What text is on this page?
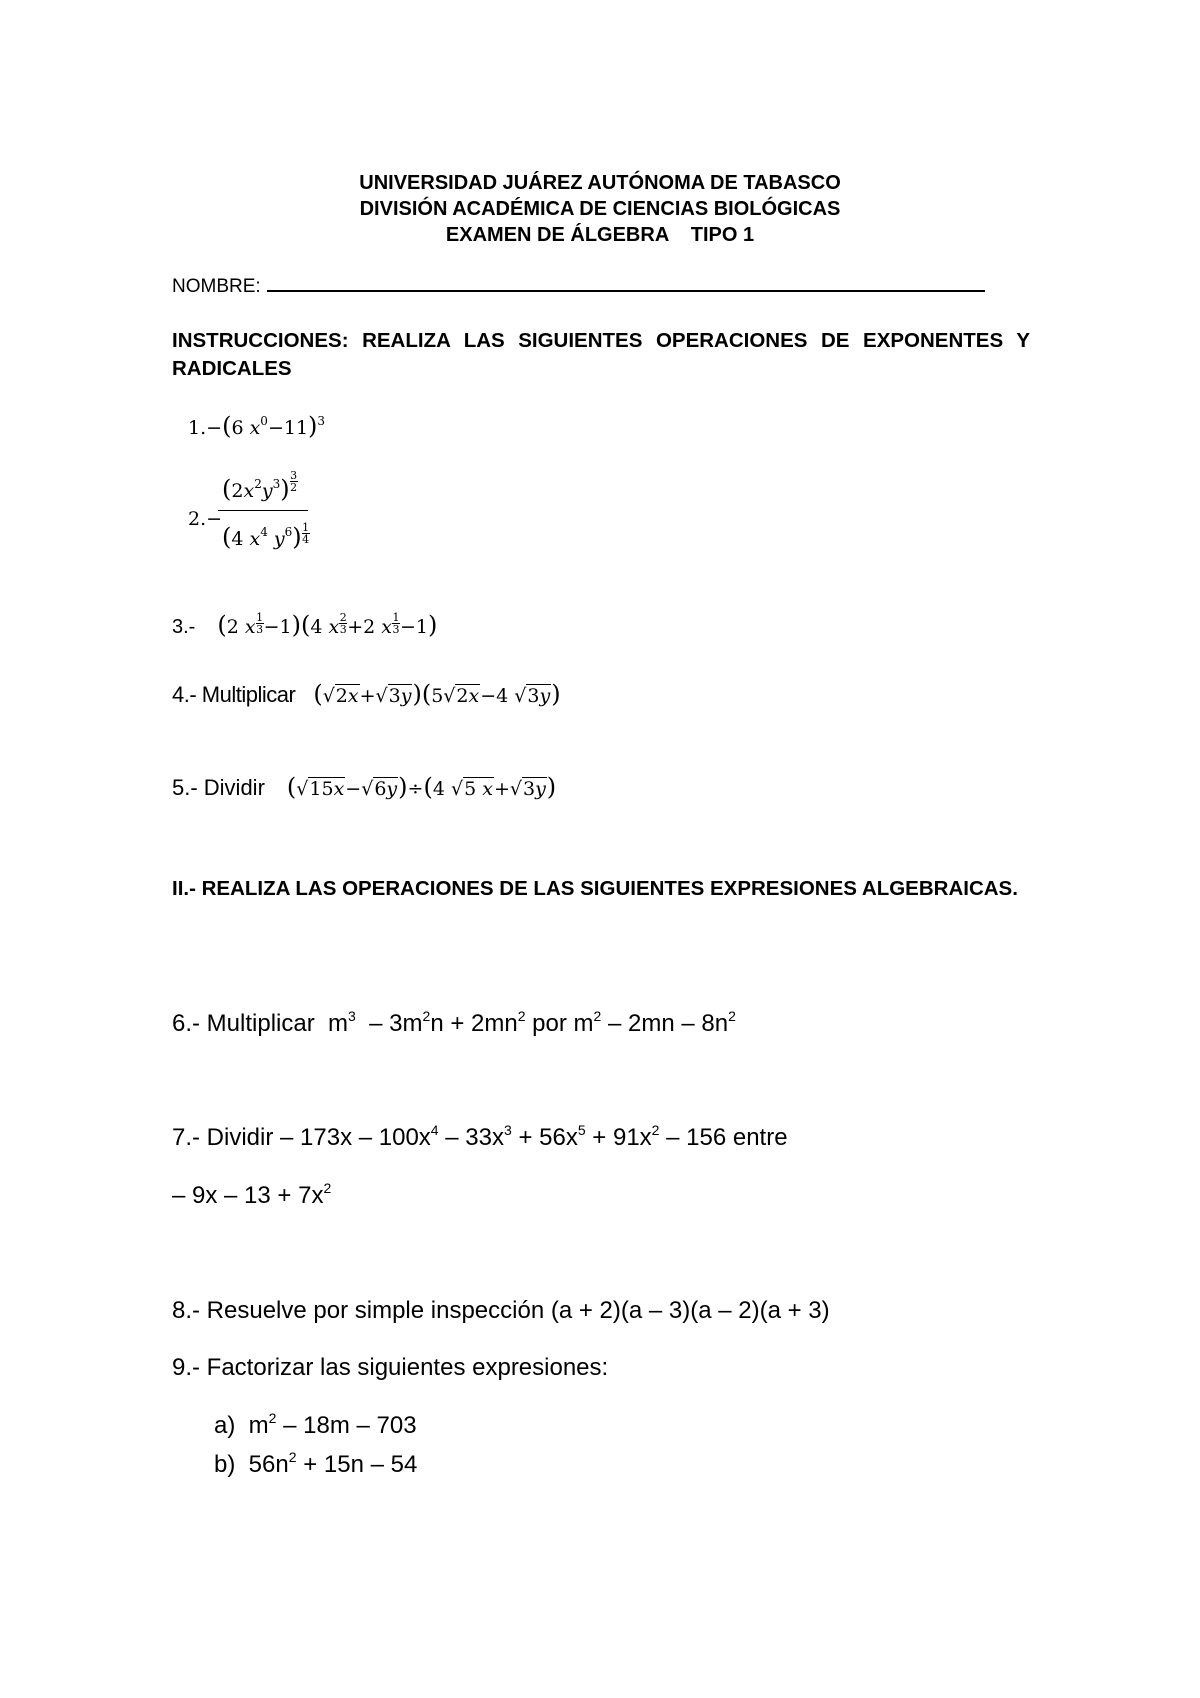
UNIVERSIDAD JUÁREZ AUTÓNOMA DE TABASCO
DIVISIÓN ACADÉMICA DE CIENCIAS BIOLÓGICAS
EXAMEN DE ÁLGEBRA    TIPO 1
NOMBRE:
INSTRUCCIONES: REALIZA LAS SIGUIENTES OPERACIONES DE EXPONENTES Y RADICALES
1.−(6 $x^0-11)^3$
2.−
$(2x^2y^3) \frac{3}{2}$
(4 $x^4$ $y^6) \frac{1}{4}$
3.- (2 x $\frac{1}{3} -1)(4$ x $\frac{2}{3} +2$ x $\frac{1}{3} -1$)
4.- Multiplicar (√2x+√3y)(5√2x−4 √3y)
5.- Dividir (√15x−√6y)÷(4 √5 x+√3y)
II.- REALIZA LAS OPERACIONES DE LAS SIGUIENTES EXPRESIONES ALGEBRAICAS.
6.- Multiplicar  $m^3 - 3m^2n + 2mn^2$ por $m^2 - 2mn - 8n^2$
7.- Dividir – $173x - 100x^4 - 33x^3 + 56x^5 + 91x^2 - 156$ entre
– $9x - 13 + 7x^2$
8.- Resuelve por simple inspección (a + 2)(a – 3)(a – 2)(a + 3)
9.- Factorizar las siguientes expresiones:
a)  $m^2 - 18m - 703$
b)  $56n^2 + 15n - 54$
